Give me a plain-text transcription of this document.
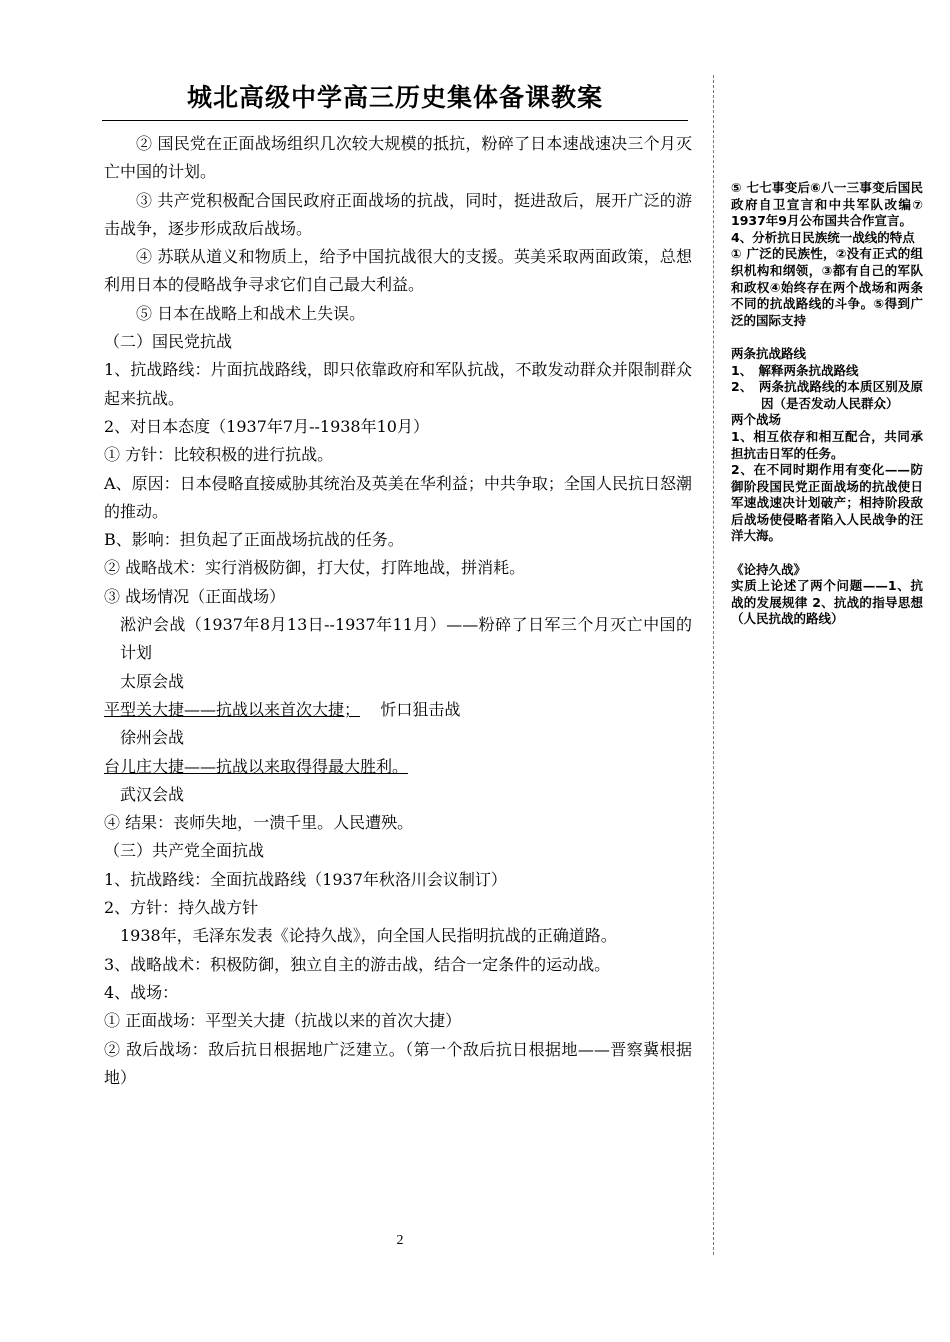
城北高级中学高三历史集体备课教案

② 国民党在正面战场组织几次较大规模的抵抗，粉碎了日本速战速决三个月灭亡中国的计划。

③ 共产党积极配合国民政府正面战场的抗战，同时，挺进敌后，展开广泛的游击战争，逐步形成敌后战场。

④ 苏联从道义和物质上，给予中国抗战很大的支援。英美采取两面政策，总想利用日本的侵略战争寻求它们自己最大利益。

⑤ 日本在战略上和战术上失误。

（二）国民党抗战

1、抗战路线：片面抗战路线，即只依靠政府和军队抗战，不敢发动群众并限制群众起来抗战。

2、对日本态度（1937年7月--1938年10月）

① 方针：比较积极的进行抗战。

A、原因：日本侵略直接威胁其统治及英美在华利益；中共争取；全国人民抗日怒潮的推动。

B、影响：担负起了正面战场抗战的任务。

② 战略战术：实行消极防御，打大仗，打阵地战，拼消耗。

③ 战场情况（正面战场）

淞沪会战（1937年8月13日--1937年11月）——粉碎了日军三个月灭亡中国的计划

太原会战

平型关大捷——抗战以来首次大捷； 忻口狙击战

徐州会战

台儿庄大捷——抗战以来取得得最大胜利。

武汉会战

④ 结果：丧师失地，一溃千里。人民遭殃。

（三）共产党全面抗战

1、抗战路线：全面抗战路线（1937年秋洛川会议制订）

2、方针：持久战方针

1938年，毛泽东发表《论持久战》，向全国人民指明抗战的正确道路。

3、战略战术：积极防御，独立自主的游击战，结合一定条件的运动战。

4、战场：

① 正面战场：平型关大捷（抗战以来的首次大捷）

② 敌后战场：敌后抗日根据地广泛建立。（第一个敌后抗日根据地——晋察冀根据地）

⑤ 七七事变后⑥八一三事变后国民政府自卫宣言和中共军队改编⑦ 1937年9月公布国共合作宣言。

4、分析抗日民族统一战线的特点

① 广泛的民族性，②没有正式的组织机构和纲领，③都有自己的军队和政权④始终存在两个战场和两条不同的抗战路线的斗争。⑤得到广泛的国际支持

两条抗战路线

1、　解释两条抗战路线

2、　两条抗战路线的本质区别及原因（是否发动人民群众）

两个战场

1、相互依存和相互配合，共同承担抗击日军的任务。

2、在不同时期作用有变化——防御阶段国民党正面战场的抗战使日军速战速决计划破产；相持阶段敌后战场使侵略者陷入人民战争的汪洋大海。

《论持久战》

实质上论述了两个问题——1、抗战的发展规律 2、抗战的指导思想（人民抗战的路线）

2
